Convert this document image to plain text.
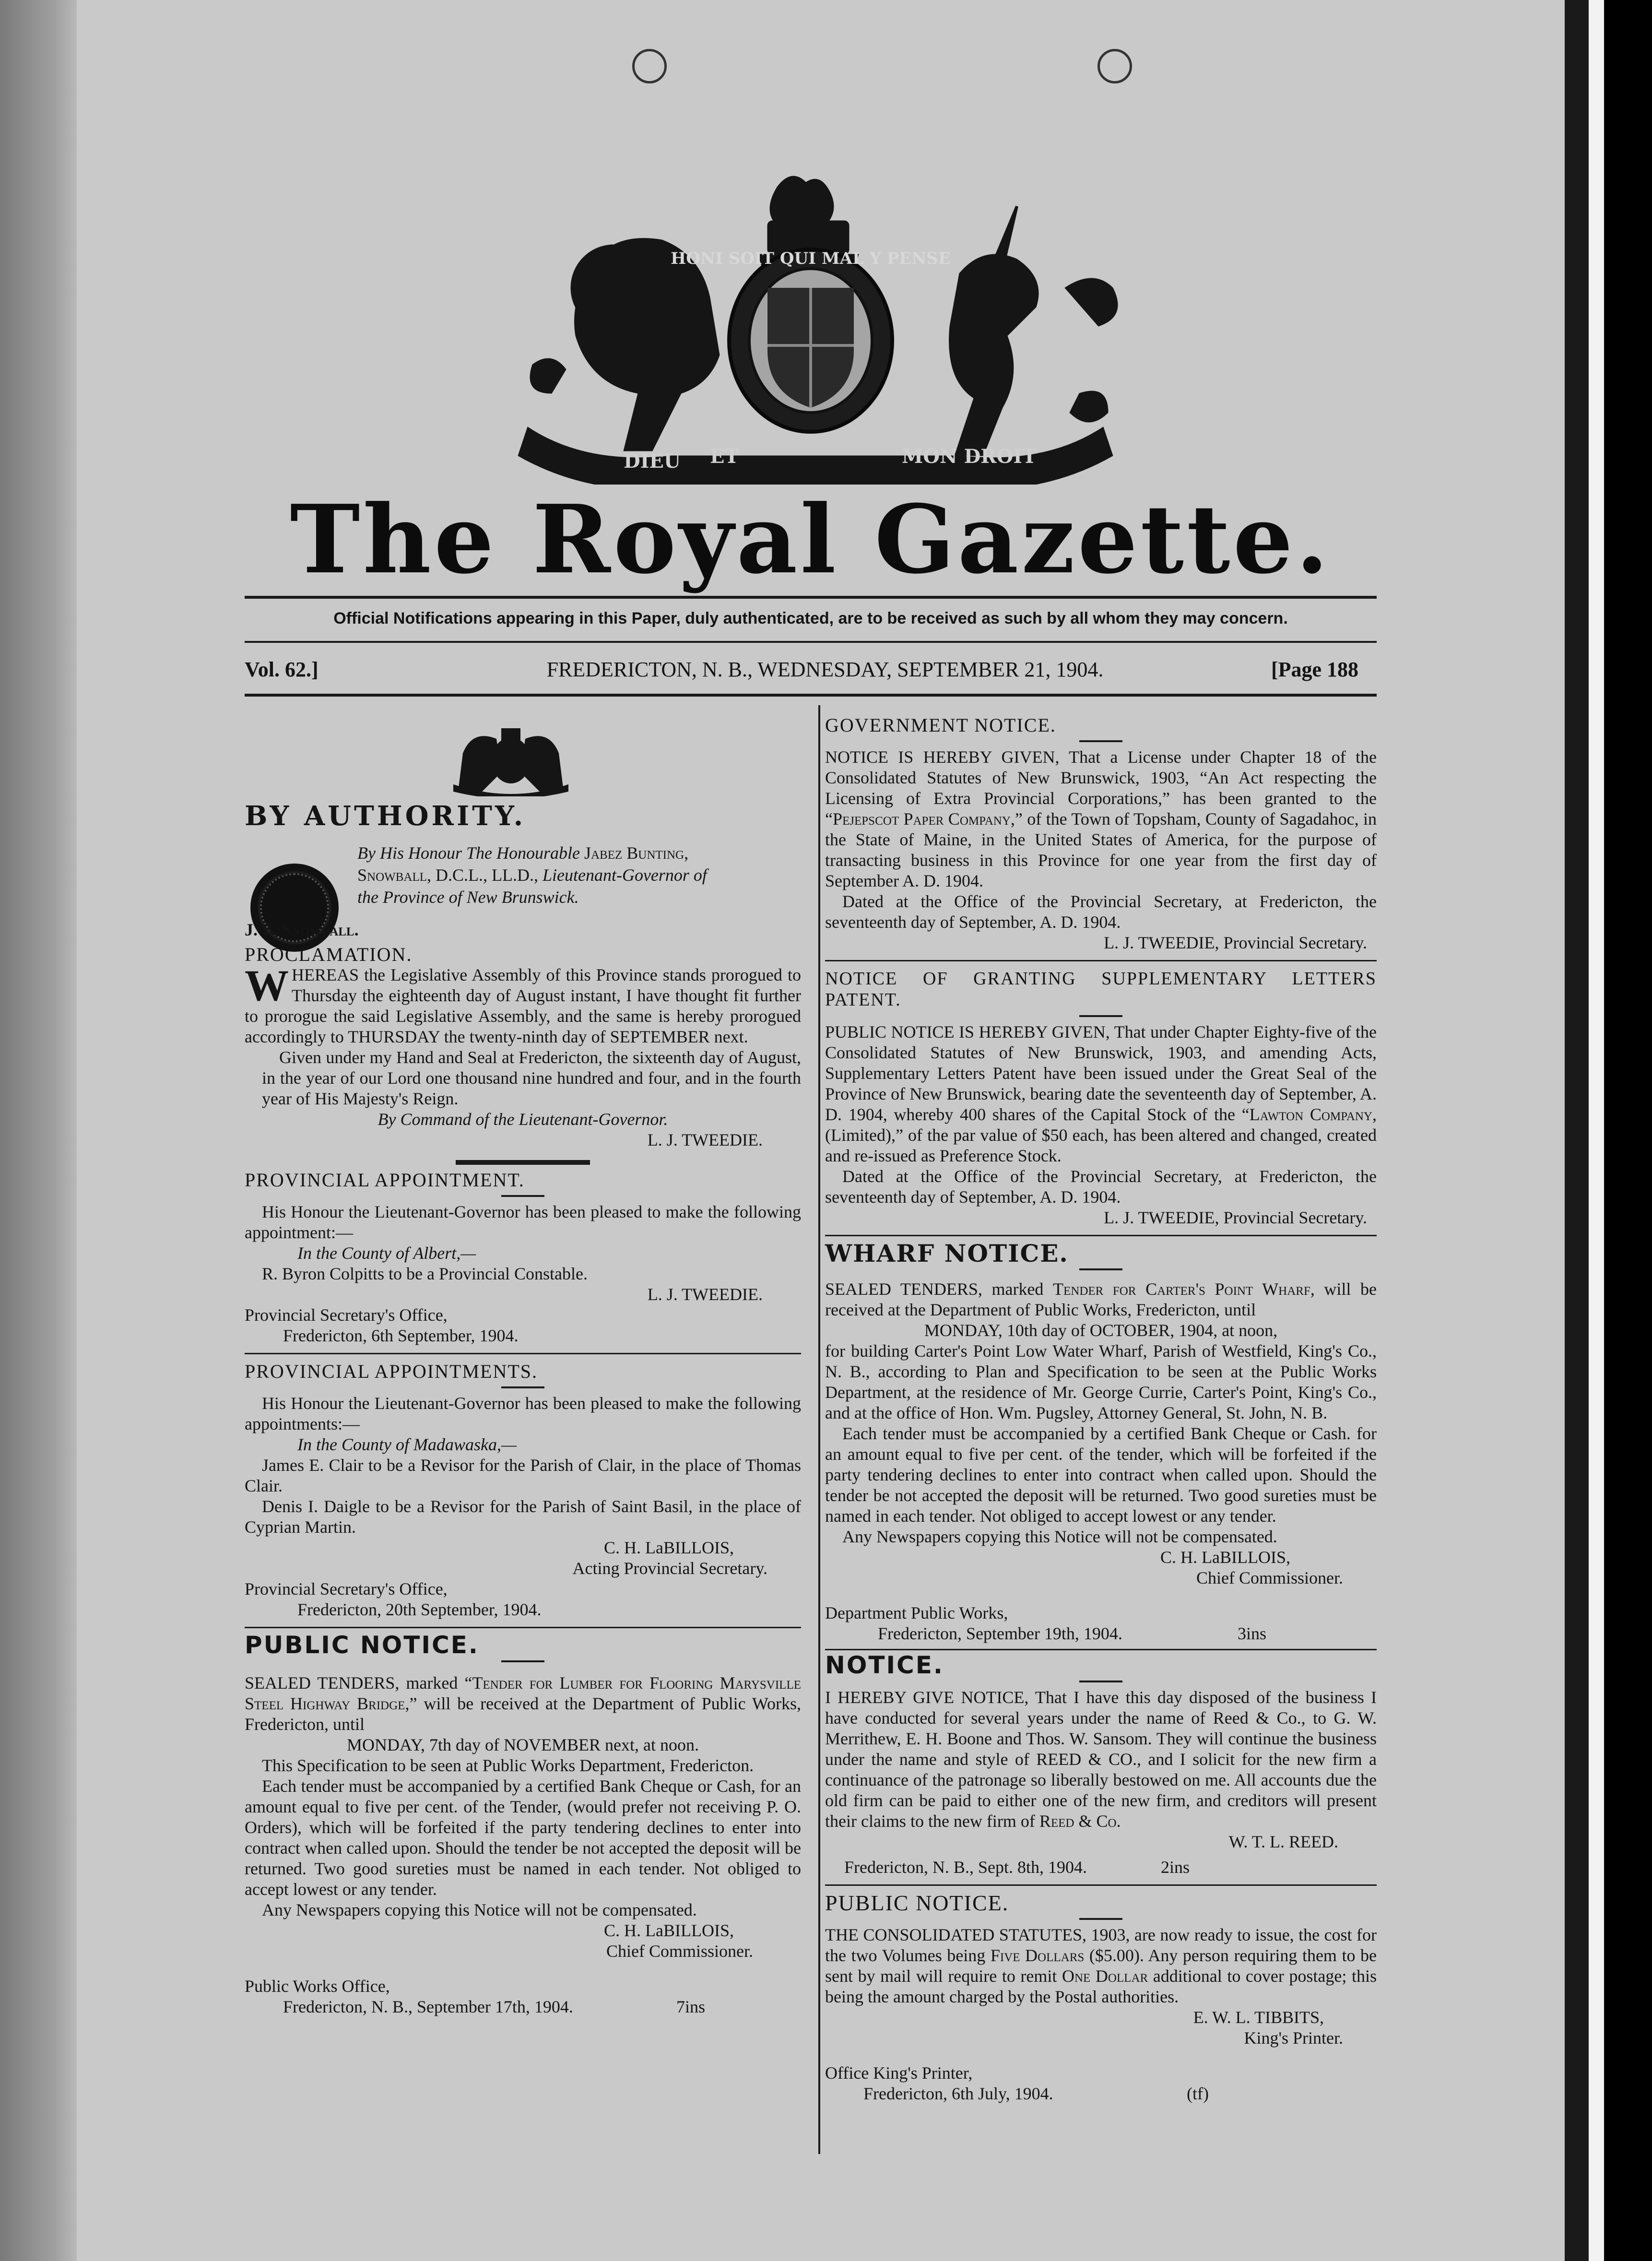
HONI SOIT QUI MAL Y PENSE
DIEU ET	MON DROIT
The Royal Gazette.
Official Notifications appearing in this Paper, duly authenticated, are to be received as such by all whom they may concern.
Vol. 62.]	FREDERICTON, N. B., WEDNESDAY, SEPTEMBER 21, 1904.	[Page 188

BY AUTHORITY.

By His Honour The Honourable Jabez Bunting,
Snowball, D.C.L., LL.D., Lieutenant-Governor of
the Province of New Brunswick.

J. B. Snowball.

PROCLAMATION.

WHEREAS the Legislative Assembly of this Province stands prorogued to Thursday the eighteenth day of August instant, I have thought fit further to prorogue the said Legislative Assembly, and the same is hereby prorogued accordingly to THURSDAY the twenty-ninth day of SEPTEMBER next.

Given under my Hand and Seal at Fredericton, the sixteenth day of August, in the year of our Lord one thousand nine hundred and four, and in the fourth year of His Majesty's Reign.

By Command of the Lieutenant-Governor.

L. J. TWEEDIE.

PROVINCIAL APPOINTMENT.

His Honour the Lieutenant-Governor has been pleased to make the following appointment:—

In the County of Albert,—

R. Byron Colpitts to be a Provincial Constable.

L. J. TWEEDIE.

Provincial Secretary's Office,

Fredericton, 6th September, 1904.

PROVINCIAL APPOINTMENTS.

His Honour the Lieutenant-Governor has been pleased to make the following appointments:—

In the County of Madawaska,—

James E. Clair to be a Revisor for the Parish of Clair, in the place of Thomas Clair.

Denis I. Daigle to be a Revisor for the Parish of Saint Basil, in the place of Cyprian Martin.

C. H. LaBILLOIS,

Acting Provincial Secretary.

Provincial Secretary's Office,

Fredericton, 20th September, 1904.

PUBLIC NOTICE.

SEALED TENDERS, marked “Tender for Lumber for Flooring Marysville Steel Highway Bridge,” will be received at the Department of Public Works, Fredericton, until

MONDAY, 7th day of NOVEMBER next, at noon.

This Specification to be seen at Public Works Department, Fredericton.

Each tender must be accompanied by a certified Bank Cheque or Cash, for an amount equal to five per cent. of the Tender, (would prefer not receiving P. O. Orders), which will be forfeited if the party tendering declines to enter into contract when called upon. Should the tender be not accepted the deposit will be returned. Two good sureties must be named in each tender. Not obliged to accept lowest or any tender.

Any Newspapers copying this Notice will not be compensated.

C. H. LaBILLOIS,

Chief Commissioner.

Public Works Office,

Fredericton, N. B., September 17th, 1904.	7ins

GOVERNMENT NOTICE.

NOTICE IS HEREBY GIVEN, That a License under Chapter 18 of the Consolidated Statutes of New Brunswick, 1903, “An Act respecting the Licensing of Extra Provincial Corporations,” has been granted to the “Pejepscot Paper Company,” of the Town of Topsham, County of Sagadahoc, in the State of Maine, in the United States of America, for the purpose of transacting business in this Province for one year from the first day of September A. D. 1904.

Dated at the Office of the Provincial Secretary, at Fredericton, the seventeenth day of September, A. D. 1904.

L. J. TWEEDIE, Provincial Secretary.

NOTICE OF GRANTING SUPPLEMENTARY LETTERS PATENT.

PUBLIC NOTICE IS HEREBY GIVEN, That under Chapter Eighty-five of the Consolidated Statutes of New Brunswick, 1903, and amending Acts, Supplementary Letters Patent have been issued under the Great Seal of the Province of New Brunswick, bearing date the seventeenth day of September, A. D. 1904, whereby 400 shares of the Capital Stock of the “Lawton Company, (Limited),” of the par value of $50 each, has been altered and changed, created and re-issued as Preference Stock.

Dated at the Office of the Provincial Secretary, at Fredericton, the seventeenth day of September, A. D. 1904.

L. J. TWEEDIE, Provincial Secretary.

WHARF NOTICE.

SEALED TENDERS, marked Tender for Carter's Point Wharf, will be received at the Department of Public Works, Fredericton, until

MONDAY, 10th day of OCTOBER, 1904, at noon,

for building Carter's Point Low Water Wharf, Parish of Westfield, King's Co., N. B., according to Plan and Specification to be seen at the Public Works Department, at the residence of Mr. George Currie, Carter's Point, King's Co., and at the office of Hon. Wm. Pugsley, Attorney General, St. John, N. B.

Each tender must be accompanied by a certified Bank Cheque or Cash. for an amount equal to five per cent. of the tender, which will be forfeited if the party tendering declines to enter into contract when called upon. Should the tender be not accepted the deposit will be returned. Two good sureties must be named in each tender. Not obliged to accept lowest or any tender.

Any Newspapers copying this Notice will not be compensated.

C. H. LaBILLOIS,

Chief Commissioner.

Department Public Works,

Fredericton, September 19th, 1904.	3ins

NOTICE.

I HEREBY GIVE NOTICE, That I have this day disposed of the business I have conducted for several years under the name of Reed & Co., to G. W. Merrithew, E. H. Boone and Thos. W. Sansom. They will continue the business under the name and style of REED & CO., and I solicit for the new firm a continuance of the patronage so liberally bestowed on me. All accounts due the old firm can be paid to either one of the new firm, and creditors will present their claims to the new firm of Reed & Co.

W. T. L. REED.

Fredericton, N. B., Sept. 8th, 1904.	2ins

PUBLIC NOTICE.

THE CONSOLIDATED STATUTES, 1903, are now ready to issue, the cost for the two Volumes being Five Dollars ($5.00). Any person requiring them to be sent by mail will require to remit One Dollar additional to cover postage; this being the amount charged by the Postal authorities.

E. W. L. TIBBITS,

King's Printer.

Office King's Printer,

Fredericton, 6th July, 1904.	(tf)
